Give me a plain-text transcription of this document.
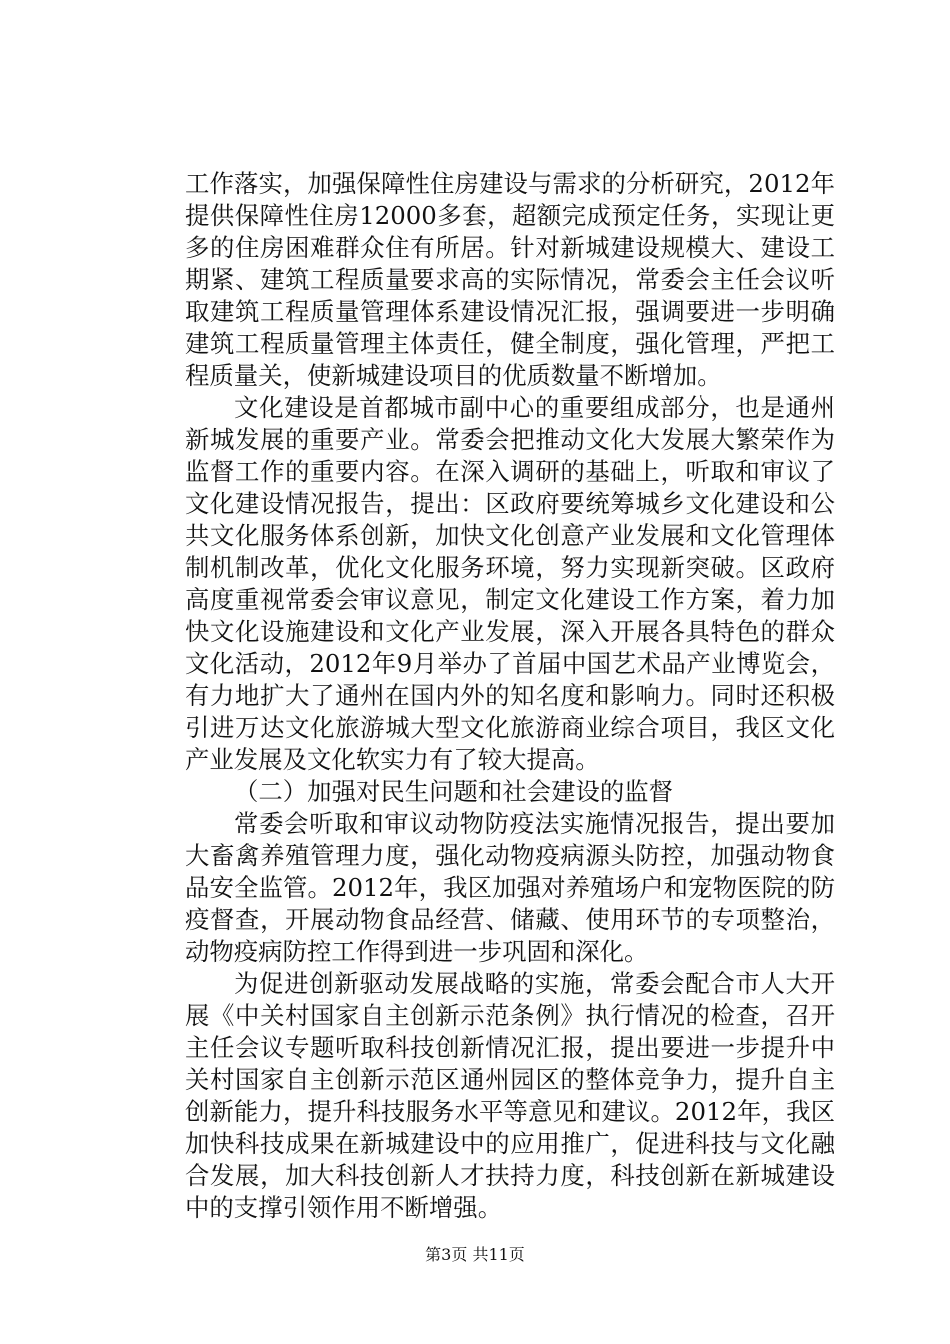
工作落实，加强保障性住房建设与需求的分析研究，2012年提供保障性住房12000多套，超额完成预定任务，实现让更多的住房困难群众住有所居。针对新城建设规模大、建设工期紧、建筑工程质量要求高的实际情况，常委会主任会议听取建筑工程质量管理体系建设情况汇报，强调要进一步明确建筑工程质量管理主体责任，健全制度，强化管理，严把工程质量关，使新城建设项目的优质数量不断增加。

文化建设是首都城市副中心的重要组成部分，也是通州新城发展的重要产业。常委会把推动文化大发展大繁荣作为监督工作的重要内容。在深入调研的基础上，听取和审议了文化建设情况报告，提出：区政府要统筹城乡文化建设和公共文化服务体系创新，加快文化创意产业发展和文化管理体制机制改革，优化文化服务环境，努力实现新突破。区政府高度重视常委会审议意见，制定文化建设工作方案，着力加快文化设施建设和文化产业发展，深入开展各具特色的群众文化活动，2012年9月举办了首届中国艺术品产业博览会，有力地扩大了通州在国内外的知名度和影响力。同时还积极引进万达文化旅游城大型文化旅游商业综合项目，我区文化产业发展及文化软实力有了较大提高。

（二）加强对民生问题和社会建设的监督

常委会听取和审议动物防疫法实施情况报告，提出要加大畜禽养殖管理力度，强化动物疫病源头防控，加强动物食品安全监管。2012年，我区加强对养殖场户和宠物医院的防疫督查，开展动物食品经营、储藏、使用环节的专项整治，动物疫病防控工作得到进一步巩固和深化。

为促进创新驱动发展战略的实施，常委会配合市人大开展《中关村国家自主创新示范条例》执行情况的检查，召开主任会议专题听取科技创新情况汇报，提出要进一步提升中关村国家自主创新示范区通州园区的整体竞争力，提升自主创新能力，提升科技服务水平等意见和建议。2012年，我区加快科技成果在新城建设中的应用推广，促进科技与文化融合发展，加大科技创新人才扶持力度，科技创新在新城建设中的支撑引领作用不断增强。

第3页 共11页
